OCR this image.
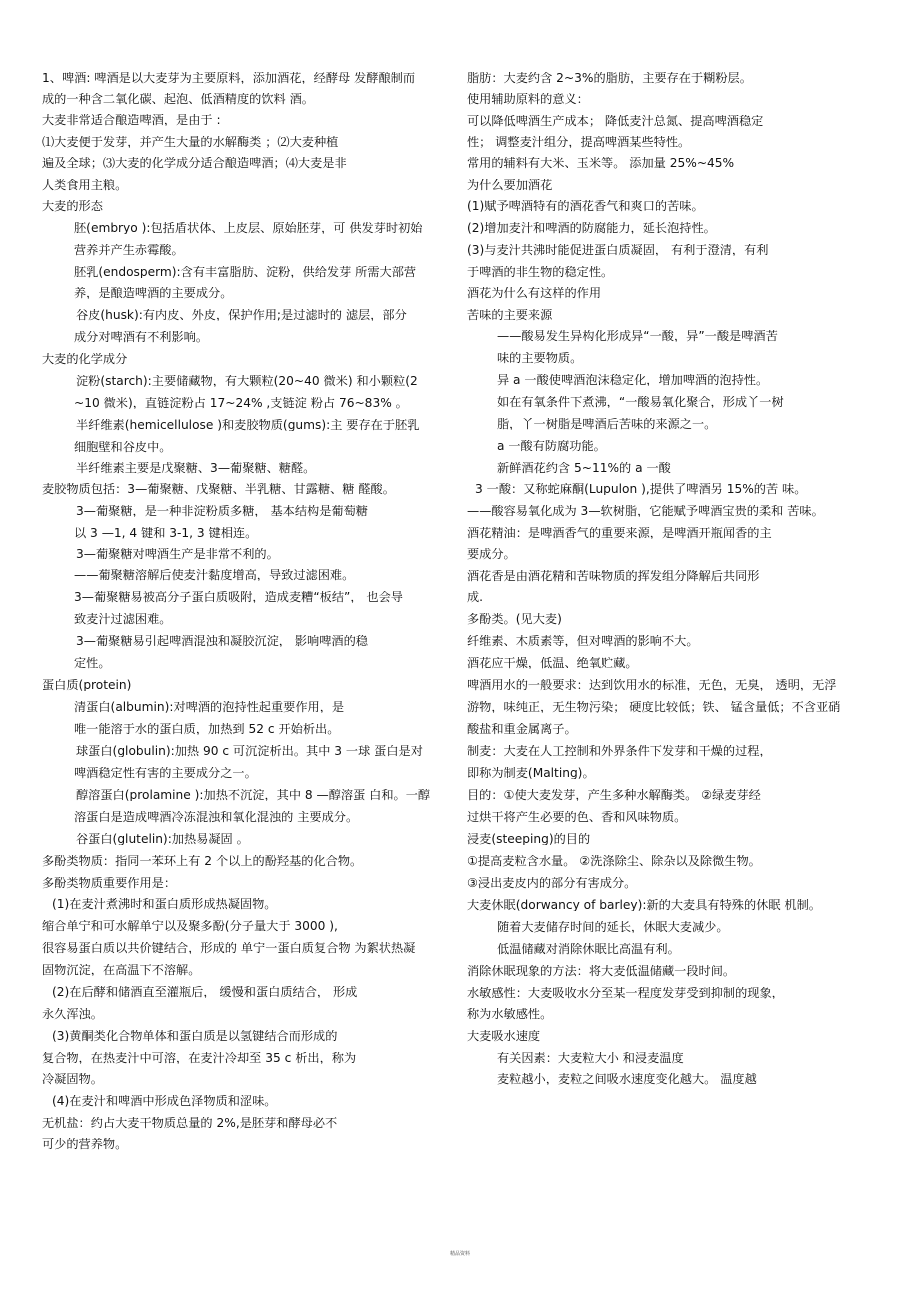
1、啤酒: 啤酒是以大麦芽为主要原料，添加酒花，经酵母 发酵酿制而
成的一种含二氧化碳、起泡、低酒精度的饮料 酒。
大麦非常适合酿造啤酒，是由于 :
⑴大麦便于发芽，并产生大量的水解酶类 ；⑵大麦种植
遍及全球；⑶大麦的化学成分适合酿造啤酒；⑷大麦是非
人类食用主粮。
大麦的形态
胚(embryo ):包括盾状体、上皮层、原始胚芽，可 供发芽时初始
营养并产生赤霉酸。
胚乳(endosperm):含有丰富脂肪、淀粉，供给发芽 所需大部营
养，是酿造啤酒的主要成分。
谷皮(husk):有内皮、外皮，保护作用;是过滤时的 滤层，部分
成分对啤酒有不利影响。
大麦的化学成分
淀粉(starch):主要储藏物，有大颗粒(20~40 微米) 和小颗粒(2
~10 微米)，直链淀粉占 17~24% ,支链淀 粉占 76~83% 。
半纤维素(hemicellulose )和麦胶物质(gums):主 要存在于胚乳
细胞壁和谷皮中。
半纤维素主要是戊聚糖、3—葡聚糖、糖醛。
麦胶物质包括：3—葡聚糖、戊聚糖、半乳糖、甘露糖、糖 醛酸。
3—葡聚糖，是一种非淀粉质多糖， 基本结构是葡萄糖
以 3 —1, 4 键和 3-1, 3 键相连。
3—葡聚糖对啤酒生产是非常不利的。
——葡聚糖溶解后使麦汁黏度增高，导致过滤困难。
3—葡聚糖易被高分子蛋白质吸附，造成麦糟“板结”， 也会导
致麦汁过滤困难。
3—葡聚糖易引起啤酒混浊和凝胶沉淀， 影响啤酒的稳
定性。
蛋白质(protein)
清蛋白(albumin):对啤酒的泡持性起重要作用，是
唯一能溶于水的蛋白质，加热到 52 c 开始析出。
球蛋白(globulin):加热 90 c 可沉淀析出。其中 3 一球 蛋白是对
啤酒稳定性有害的主要成分之一。
醇溶蛋白(prolamine ):加热不沉淀，其中 8 —醇溶蛋 白和。一醇
溶蛋白是造成啤酒冷冻混浊和氧化混浊的 主要成分。
谷蛋白(glutelin):加热易凝固 。
多酚类物质：指同一苯环上有 2 个以上的酚羟基的化合物。
多酚类物质重要作用是：
(1)在麦汁煮沸时和蛋白质形成热凝固物。
缩合单宁和可水解单宁以及聚多酚(分子量大于 3000 ),
很容易蛋白质以共价键结合，形成的 单宁一蛋白质复合物 为絮状热凝
固物沉淀，在高温下不溶解。
(2)在后酵和储酒直至灌瓶后， 缓慢和蛋白质结合， 形成
永久浑浊。
(3)黄酮类化合物单体和蛋白质是以氢键结合而形成的
复合物，在热麦汁中可溶，在麦汁冷却至 35 c 析出，称为
冷凝固物。
(4)在麦汁和啤酒中形成色泽物质和涩味。
无机盐：约占大麦干物质总量的 2%,是胚芽和酵母必不
可少的营养物。
脂肪：大麦约含 2~3%的脂肪，主要存在于糊粉层。
使用辅助原料的意义：
可以降低啤酒生产成本； 降低麦汁总氮、提高啤酒稳定
性； 调整麦汁组分，提高啤酒某些特性。
常用的辅料有大米、玉米等。 添加量 25%~45%
为什么要加酒花
(1)赋予啤酒特有的酒花香气和爽口的苦味。
(2)增加麦汁和啤酒的防腐能力，延长泡持性。
(3)与麦汁共沸时能促进蛋白质凝固， 有利于澄清，有利
于啤酒的非生物的稳定性。
酒花为什么有这样的作用
苦味的主要来源
——酸易发生异构化形成异“一酸，异”一酸是啤酒苦
味的主要物质。
异 a 一酸使啤酒泡沫稳定化，增加啤酒的泡持性。
如在有氧条件下煮沸，“一酸易氧化聚合，形成丫一树
脂，丫一树脂是啤酒后苦味的来源之一。
a 一酸有防腐功能。
新鲜酒花约含 5~11%的 a 一酸
3 一酸：又称蛇麻酮(Lupulon ),提供了啤酒另 15%的苦 味。
——酸容易氧化成为 3—软树脂，它能赋予啤酒宝贵的柔和 苦味。
酒花精油：是啤酒香气的重要来源，是啤酒开瓶闻香的主
要成分。
酒花香是由酒花精和苦味物质的挥发组分降解后共同形
成.
多酚类。(见大麦)
纤维素、木质素等，但对啤酒的影响不大。
酒花应干燥，低温、绝氧贮藏。
啤酒用水的一般要求：达到饮用水的标准，无色，无臭， 透明，无浮
游物，味纯正，无生物污染； 硬度比较低；铁、 锰含量低；不含亚硝
酸盐和重金属离子。
制麦：大麦在人工控制和外界条件下发芽和干燥的过程，
即称为制麦(Malting)。
目的：①使大麦发芽，产生多种水解酶类。 ②绿麦芽经
过烘干将产生必要的色、香和风味物质。
浸麦(steeping)的目的
①提高麦粒含水量。 ②洗涤除尘、除杂以及除微生物。
③浸出麦皮内的部分有害成分。
大麦休眠(dorwancy of barley):新的大麦具有特殊的休眠 机制。
随着大麦储存时间的延长，休眠大麦减少。
低温储藏对消除休眠比高温有利。
消除休眠现象的方法：将大麦低温储藏一段时间。
水敏感性：大麦吸收水分至某一程度发芽受到抑制的现象，
称为水敏感性。
大麦吸水速度
有关因素：大麦粒大小 和浸麦温度
麦粒越小，麦粒之间吸水速度变化越大。 温度越
精品资料
